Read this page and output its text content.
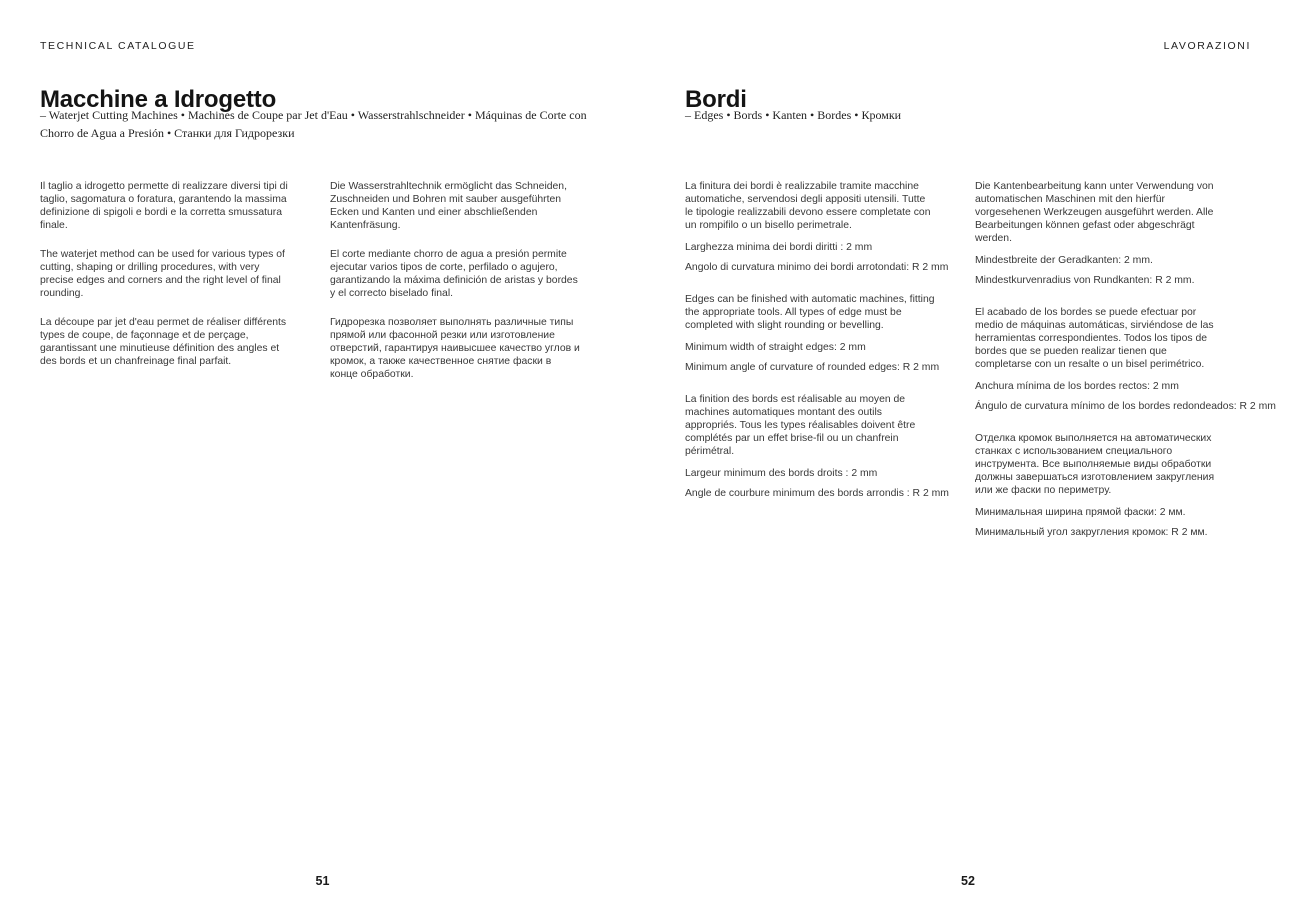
TECHNICAL CATALOGUE
Macchine a Idrogetto
– Waterjet Cutting Machines • Machines de Coupe par Jet d'Eau • Wasserstrahlschneider • Máquinas de Corte con Chorro de Agua a Presión • Станки для Гидрорезки

Il taglio a idrogetto permette di realizzare diversi tipi di taglio, sagomatura o foratura, garantendo la massima definizione di spigoli e bordi e la corretta smussatura finale.

The waterjet method can be used for various types of cutting, shaping or drilling procedures, with very precise edges and corners and the right level of final rounding.

La découpe par jet d'eau permet de réaliser différents types de coupe, de façonnage et de perçage, garantissant une minutieuse définition des angles et des bords et un chanfreinage final parfait.

Die Wasserstrahltechnik ermöglicht das Schneiden, Zuschneiden und Bohren mit sauber ausgeführten Ecken und Kanten und einer abschließenden Kantenfräsung.

El corte mediante chorro de agua a presión permite ejecutar varios tipos de corte, perfilado o agujero, garantizando la máxima definición de aristas y bordes y el correcto biselado final.

Гидрорезка позволяет выполнять различные типы прямой или фасонной резки или изготовление отверстий, гарантируя наивысшее качество углов и кромок, а также качественное снятие фаски в конце обработки.

51
LAVORAZIONI
Bordi
– Edges • Bords • Kanten • Bordes • Кромки

La finitura dei bordi è realizzabile tramite macchine automatiche, servendosi degli appositi utensili. Tutte le tipologie realizzabili devono essere completate con un rompifilo o un bisello perimetrale.

Larghezza minima dei bordi diritti : 2 mm

Angolo di curvatura minimo dei bordi arrotondati: R 2 mm

Edges can be finished with automatic machines, fitting the appropriate tools. All types of edge must be completed with slight rounding or bevelling.

Minimum width of straight edges: 2 mm

Minimum angle of curvature of rounded edges: R 2 mm

La finition des bords est réalisable au moyen de machines automatiques montant des outils appropriés. Tous les types réalisables doivent être complétés par un effet brise-fil ou un chanfrein périmétral.

Largeur minimum des bords droits : 2 mm

Angle de courbure minimum des bords arrondis : R 2 mm

Die Kantenbearbeitung kann unter Verwendung von automatischen Maschinen mit den hierfür vorgesehenen Werkzeugen ausgeführt werden. Alle Bearbeitungen können gefast oder abgeschrägt werden.

Mindestbreite der Geradkanten: 2 mm.

Mindestkurvenradius von Rundkanten: R 2 mm.

El acabado de los bordes se puede efectuar por medio de máquinas automáticas, sirviéndose de las herramientas correspondientes. Todos los tipos de bordes que se pueden realizar tienen que completarse con un resalte o un bisel perimétrico.

Anchura mínima de los bordes rectos: 2 mm

Ángulo de curvatura mínimo de los bordes redondeados: R 2 mm

Отделка кромок выполняется на автоматических станках с использованием специального инструмента. Все выполняемые виды обработки должны завершаться изготовлением закругления или же фаски по периметру.

Минимальная ширина прямой фаски: 2 мм.

Минимальный угол закругления кромок: R 2 мм.

52
